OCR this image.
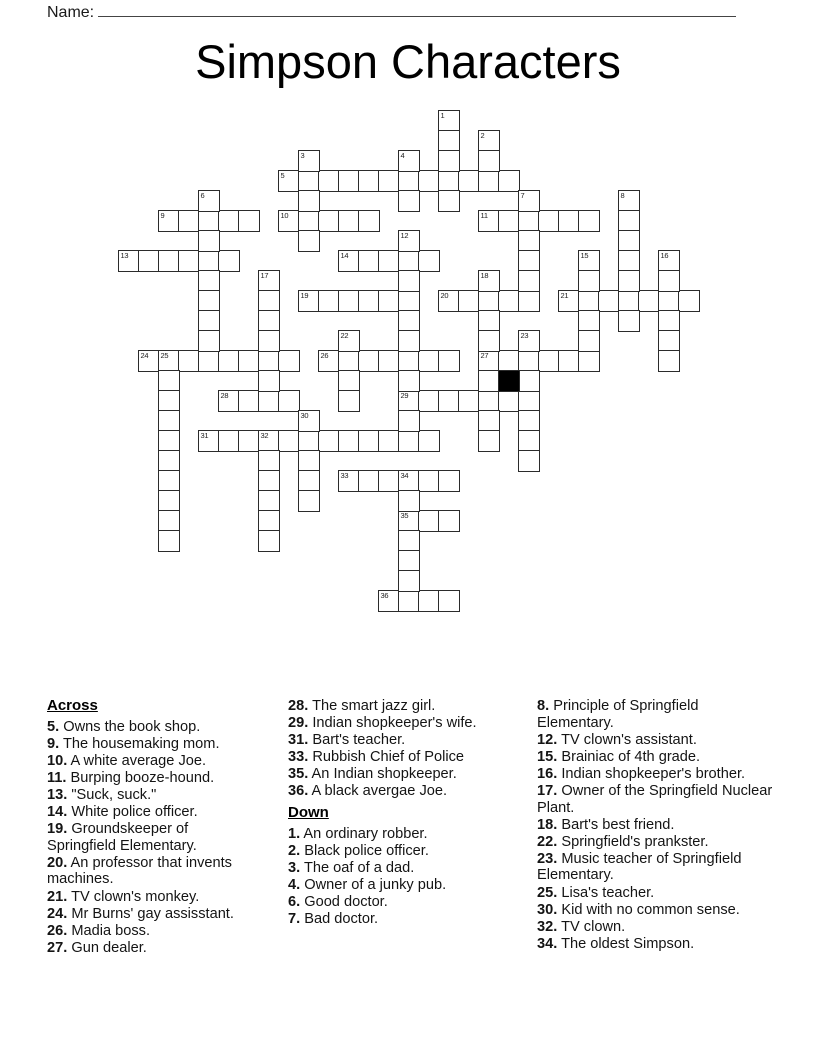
Name:
Simpson Characters
5
9	10	11
13	14
19	20	21
24 25	26	27
28	29
31	32
33	34
35
36
1
2
3	4
6	7	8
12
15	16
17	18
22	23
30
Across
5. Owns the book shop.
9. The housemaking mom.
10. A white average Joe.
11. Burping booze-hound.
13. "Suck, suck."
14. White police officer.
19. Groundskeeper of Springfield Elementary.
20. An professor that invents machines.
21. TV clown's monkey.
24. Mr Burns' gay assisstant.
26. Madia boss.
27. Gun dealer.
28. The smart jazz girl.
29. Indian shopkeeper's wife.
31. Bart's teacher.
33. Rubbish Chief of Police
35. An Indian shopkeeper.
36. A black avergae Joe.
Down
1. An ordinary robber.
2. Black police officer.
3. The oaf of a dad.
4. Owner of a junky pub.
6. Good doctor.
7. Bad doctor.
8. Principle of Springfield Elementary.
12. TV clown's assistant.
15. Brainiac of 4th grade.
16. Indian shopkeeper's brother.
17. Owner of the Springfield Nuclear Plant.
18. Bart's best friend.
22. Springfield's prankster.
23. Music teacher of Springfield Elementary.
25. Lisa's teacher.
30. Kid with no common sense.
32. TV clown.
34. The oldest Simpson.
